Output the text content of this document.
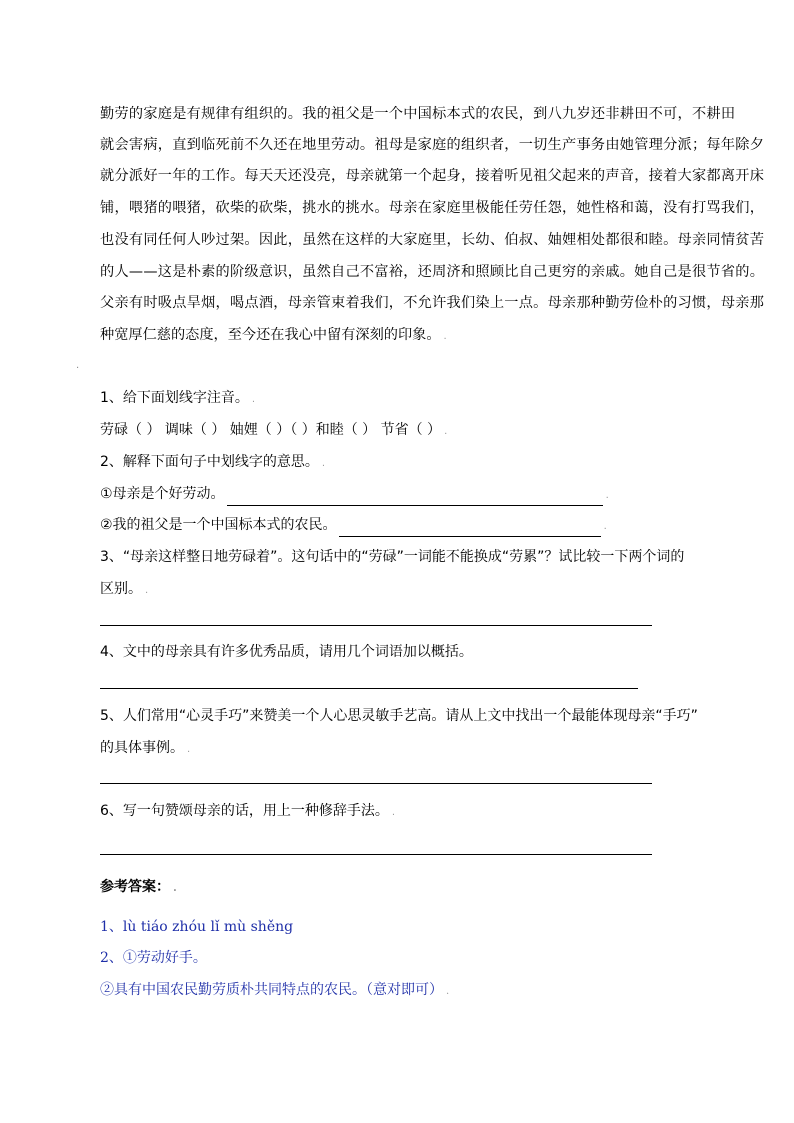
勤劳的家庭是有规律有组织的。我的祖父是一个中国标本式的农民，到八九岁还非耕田不可，不耕田
就会害病，直到临死前不久还在地里劳动。祖母是家庭的组织者，一切生产事务由她管理分派；每年除夕
就分派好一年的工作。每天天还没亮，母亲就第一个起身，接着听见祖父起来的声音，接着大家都离开床
铺，喂猪的喂猪，砍柴的砍柴，挑水的挑水。母亲在家庭里极能任劳任怨，她性格和蔼，没有打骂我们，
也没有同任何人吵过架。因此，虽然在这样的大家庭里，长幼、伯叔、妯娌相处都很和睦。母亲同情贫苦
的人——这是朴素的阶级意识，虽然自己不富裕，还周济和照顾比自己更穷的亲戚。她自己是很节省的。
父亲有时吸点旱烟，喝点酒，母亲管束着我们，不允许我们染上一点。母亲那种勤劳俭朴的习惯，母亲那
种宽厚仁慈的态度，至今还在我心中留有深刻的印象。 .
.
1、给下面划线字注音。 .
劳碌（ ） 调味（ ） 妯娌（ ）（ ）和睦（ ） 节省（ ） .
2、解释下面句子中划线字的意思。 .
①母亲是个好劳动。	.
②我的祖父是一个中国标本式的农民。	.
3、“母亲这样整日地劳碌着”。这句话中的“劳碌”一词能不能换成“劳累”？试比较一下两个词的
区别。 .
4、文中的母亲具有许多优秀品质，请用几个词语加以概括。
5、人们常用“心灵手巧”来赞美一个人心思灵敏手艺高。请从上文中找出一个最能体现母亲“手巧”
的具体事例。 .
6、写一句赞颂母亲的话，用上一种修辞手法。 .
参考答案： .
1、lù tiáo zhóu lǐ mù shěng
2、①劳动好手。
②具有中国农民勤劳质朴共同特点的农民。（意对即可） .
